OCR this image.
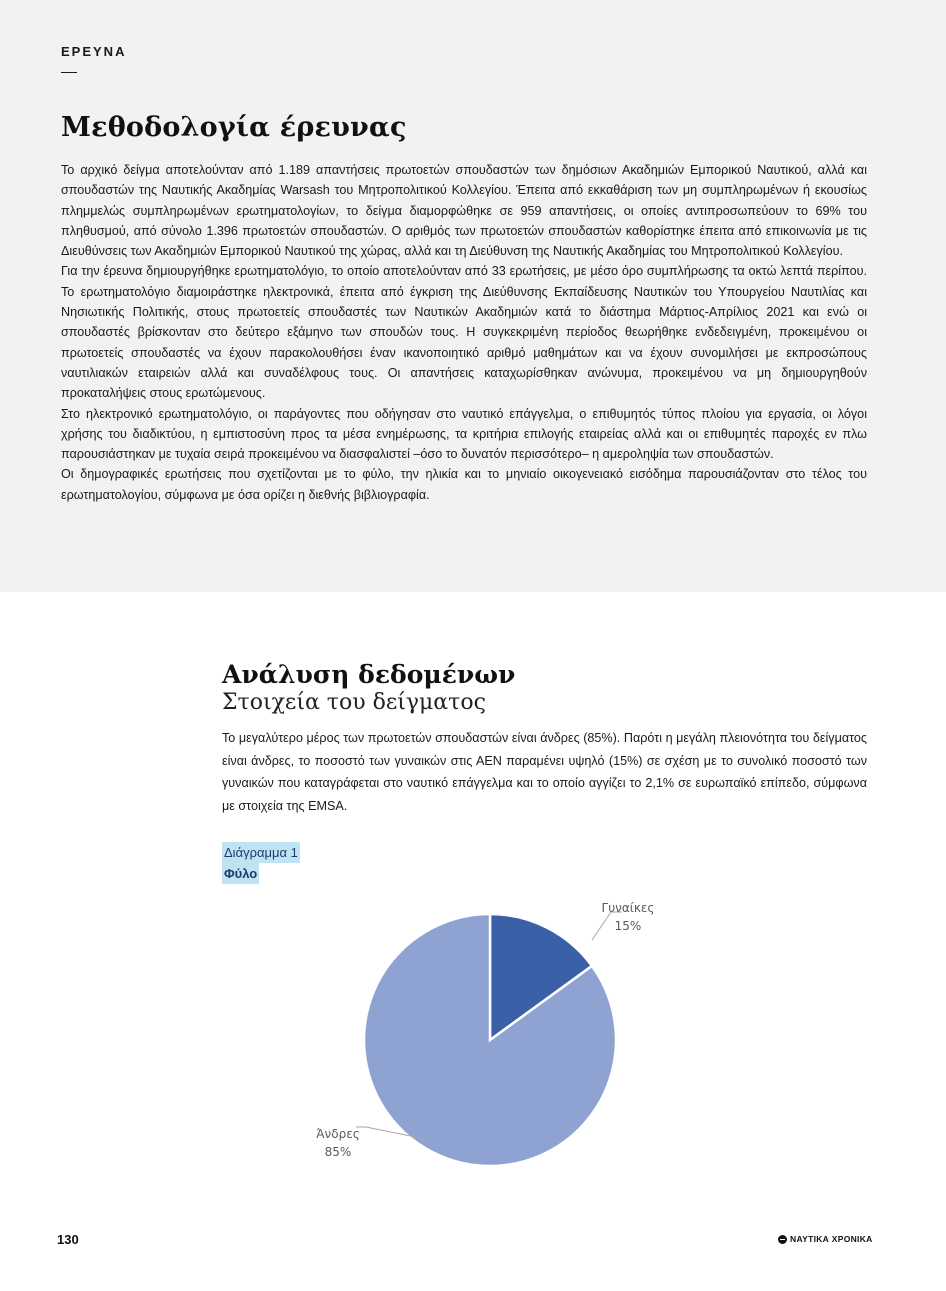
ΕΡΕΥΝΑ
Μεθοδολογία έρευνας

Το αρχικό δείγμα αποτελούνταν από 1.189 απαντήσεις πρωτοετών σπουδαστών των δημόσιων Ακαδημιών Εμπορικού Ναυτικού, αλλά και σπουδαστών της Ναυτικής Ακαδημίας Warsash του Μητροπολιτικού Κολλεγίου. Έπειτα από εκκαθάριση των μη συμπληρωμένων ή εκουσίως πλημμελώς συμπληρωμένων ερωτηματολογίων, το δείγμα διαμορφώθηκε σε 959 απαντήσεις, οι οποίες αντιπροσωπεύουν το 69% του πληθυσμού, από σύνολο 1.396 πρωτοετών σπουδαστών. Ο αριθμός των πρωτοετών σπουδαστών καθορίστηκε έπειτα από επικοινωνία με τις Διευθύνσεις των Ακαδημιών Εμπορικού Ναυτικού της χώρας, αλλά και τη Διεύθυνση της Ναυτικής Ακαδημίας του Μητροπολιτικού Κολλεγίου.

Για την έρευνα δημιουργήθηκε ερωτηματολόγιο, το οποίο αποτελούνταν από 33 ερωτήσεις, με μέσο όρο συμπλήρωσης τα οκτώ λεπτά περίπου. Το ερωτηματολόγιο διαμοιράστηκε ηλεκτρονικά, έπειτα από έγκριση της Διεύθυνσης Εκπαίδευσης Ναυτικών του Υπουργείου Ναυτιλίας και Νησιωτικής Πολιτικής, στους πρωτοετείς σπουδαστές των Ναυτικών Ακαδημιών κατά το διάστημα Μάρτιος-Απρίλιος 2021 και ενώ οι σπουδαστές βρίσκονταν στο δεύτερο εξάμηνο των σπουδών τους. Η συγκεκριμένη περίοδος θεωρήθηκε ενδεδειγμένη, προκειμένου οι πρωτοετείς σπουδαστές να έχουν παρακολουθήσει έναν ικανοποιητικό αριθμό μαθημάτων και να έχουν συνομιλήσει με εκπροσώπους ναυτιλιακών εταιρειών αλλά και συναδέλφους τους. Οι απαντήσεις καταχωρίσθηκαν ανώνυμα, προκειμένου να μη δημιουργηθούν προκαταλήψεις στους ερωτώμενους.

Στο ηλεκτρονικό ερωτηματολόγιο, οι παράγοντες που οδήγησαν στο ναυτικό επάγγελμα, ο επιθυμητός τύπος πλοίου για εργασία, οι λόγοι χρήσης του διαδικτύου, η εμπιστοσύνη προς τα μέσα ενημέρωσης, τα κριτήρια επιλογής εταιρείας αλλά και οι επιθυμητές παροχές εν πλω παρουσιάστηκαν με τυχαία σειρά προκειμένου να διασφαλιστεί –όσο το δυνατόν περισσότερο– η αμεροληψία των σπουδαστών.

Οι δημογραφικές ερωτήσεις που σχετίζονται με το φύλο, την ηλικία και το μηνιαίο οικογενειακό εισόδημα παρουσιάζονταν στο τέλος του ερωτηματολογίου, σύμφωνα με όσα ορίζει η διεθνής βιβλιογραφία.

Ανάλυση δεδομένων
Στοιχεία του δείγματος

Το μεγαλύτερο μέρος των πρωτοετών σπουδαστών είναι άνδρες (85%). Παρότι η μεγάλη πλειονότητα του δείγματος είναι άνδρες, το ποσοστό των γυναικών στις ΑΕΝ παραμένει υψηλό (15%) σε σχέση με το συνολικό ποσοστό των γυναικών που καταγράφεται στο ναυτικό επάγγελμα και το οποίο αγγίζει το 2,1% σε ευρωπαϊκό επίπεδο, σύμφωνα με στοιχεία της EMSA.

Διάγραμμα 1
Φύλο
Γυναίκες
15%
Άνδρες
85%
130	ΝΑΥΤΙΚΑ ΧΡΟΝΙΚΑ
